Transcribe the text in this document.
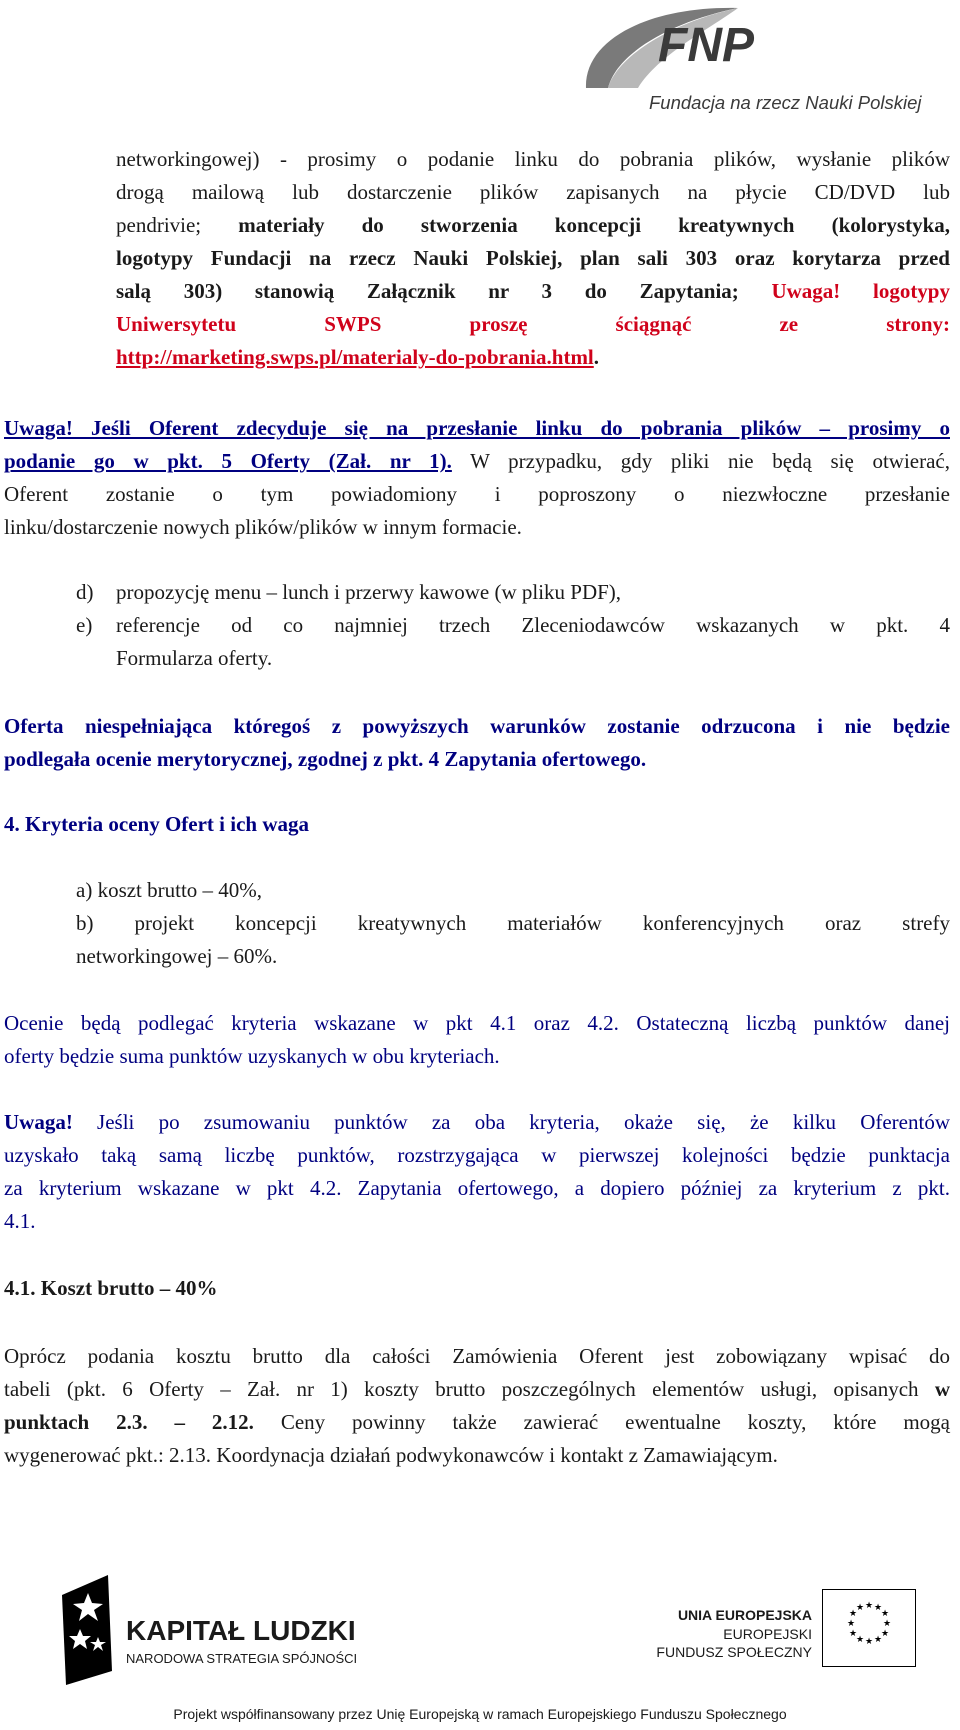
FNP
Fundacja na rzecz Nauki Polskiej

networkingowej) - prosimy o podanie linku do pobrania plików, wysłanie plików

drogą mailową lub dostarczenie plików zapisanych na płycie CD/DVD lub

pendrivie; materiały do stworzenia koncepcji kreatywnych (kolorystyka,

logotypy Fundacji na rzecz Nauki Polskiej, plan sali 303 oraz korytarza przed

salą 303) stanowią Załącznik nr 3 do Zapytania; Uwaga! logotypy

Uniwersytetu SWPS proszę ściągnąć ze strony:

http://marketing.swps.pl/materialy-do-pobrania.html.

Uwaga! Jeśli Oferent zdecyduje się na przesłanie linku do pobrania plików – prosimy o

podanie go w pkt. 5 Oferty (Zał. nr 1). W przypadku, gdy pliki nie będą się otwierać,

Oferent zostanie o tym powiadomiony i poproszony o niezwłoczne przesłanie

linku/dostarczenie nowych plików/plików w innym formacie.

d) propozycję menu – lunch i przerwy kawowe (w pliku PDF),

e) referencje od co najmniej trzech Zleceniodawców wskazanych w pkt. 4

Formularza oferty.

Oferta niespełniająca któregoś z powyższych warunków zostanie odrzucona i nie będzie

podlegała ocenie merytorycznej, zgodnej z pkt. 4 Zapytania ofertowego.

4. Kryteria oceny Ofert i ich waga

a) koszt brutto – 40%,

b) projekt koncepcji kreatywnych materiałów konferencyjnych oraz strefy

networkingowej – 60%.

Ocenie będą podlegać kryteria wskazane w pkt 4.1 oraz 4.2. Ostateczną liczbą punktów danej

oferty będzie suma punktów uzyskanych w obu kryteriach.

Uwaga! Jeśli po zsumowaniu punktów za oba kryteria, okaże się, że kilku Oferentów

uzyskało taką samą liczbę punktów, rozstrzygająca w pierwszej kolejności będzie punktacja

za kryterium wskazane w pkt 4.2. Zapytania ofertowego, a dopiero później za kryterium z pkt.

4.1.

4.1. Koszt brutto – 40%

Oprócz podania kosztu brutto dla całości Zamówienia Oferent jest zobowiązany wpisać do

tabeli (pkt. 6 Oferty – Zał. nr 1) koszty brutto poszczególnych elementów usługi, opisanych w

punktach 2.3. – 2.12. Ceny powinny także zawierać ewentualne koszty, które mogą

wygenerować pkt.: 2.13. Koordynacja działań podwykonawców i kontakt z Zamawiającym.

KAPITAŁ LUDZKI
NARODOWA STRATEGIA SPÓJNOŚCI
UNIA EUROPEJSKA
EUROPEJSKI
FUNDUSZ SPOŁECZNY
★ ★
★
★
★
★
★
★
★
★
★
★
Projekt współfinansowany przez Unię Europejską w ramach Europejskiego Funduszu Społecznego
